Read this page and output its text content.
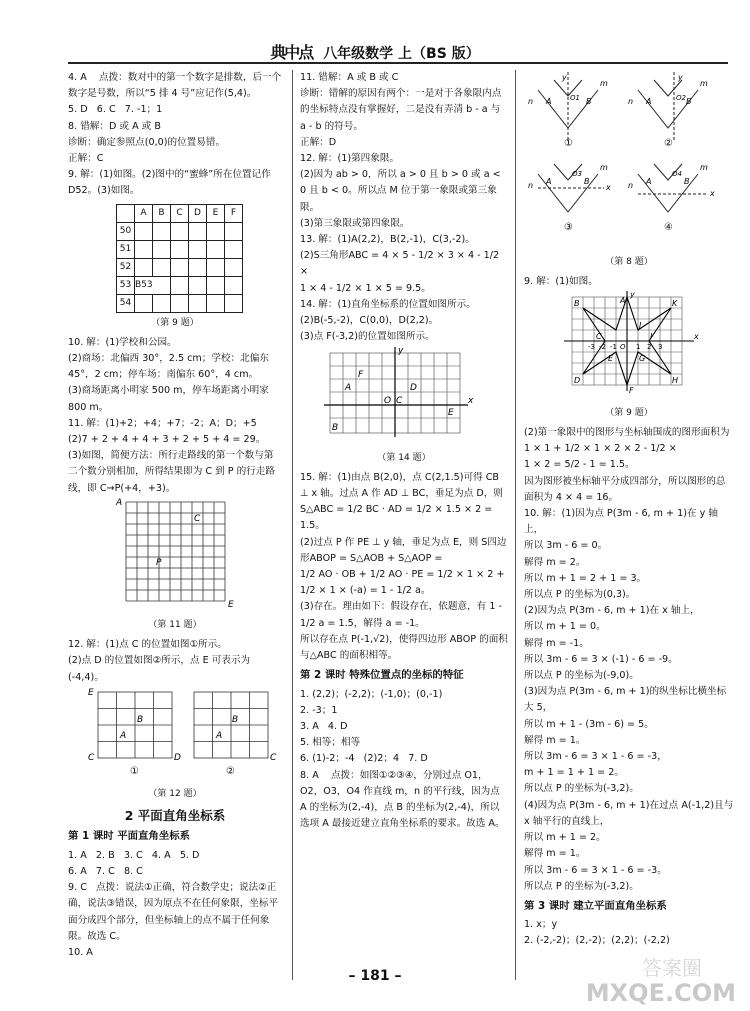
典中点 八年级数学 上（BS 版）

4. A    点拨：数对中的第一个数字是排数，后一个数字是号数，所以“5 排 4 号”应记作(5,4)。

5. D   6. C   7. -1；1

8. 错解：D 或 A 或 B

诊断：确定参照点(0,0)的位置易错。

正解：C

9. 解：(1)如图。(2)图中的“蜜蜂”所在位置记作 D52。(3)如图。

	A	B	C	D	E	F
50						
51						
52						
53	B53					
54						
（第 9 题）

10. 解：(1)学校和公园。

(2)商场：北偏西 30°，2.5 cm；学校：北偏东 45°，2 cm；停车场：南偏东 60°，4 cm。

(3)商场距离小明家 500 m，停车场距离小明家 800 m。

11. 解：(1)+2；+4；+7；-2；A；D；+5

(2)7 + 2 + 4 + 4 + 3 + 2 + 5 + 4 = 29。

(3)如图，简便方法：所行走路线的第一个数与第二个数分别相加，所得结果即为 C 到 P 的行走路线，即 C→P(+4，+3)。

A
C
P
E
（第 11 题）

12. 解：(1)点 C 的位置如图①所示。

(2)点 D 的位置如图②所示，点 E 可表示为(-4,4)。

E
B
A
C	D
B
A
C
①	②
（第 12 题）
2 平面直角坐标系
第 1 课时 平面直角坐标系

1. A   2. B   3. C   4. A   5. D

6. A   7. C   8. C

9. C   点拨：说法①正确，符合数学史；说法②正确，说法③错误，因为原点不在任何象限，坐标平面分成四个部分，但坐标轴上的点不属于任何象限。故选 C。

10. A

11. 错解：A 或 B 或 C

诊断：错解的原因有两个：一是对于各象限内点的坐标特点没有掌握好，二是没有弄清 b - a 与 a - b 的符号。

正解：D

12. 解：(1)第四象限。

(2)因为 ab > 0，所以 a > 0 且 b > 0 或 a < 0 且 b < 0。所以点 M 位于第一象限或第三象限。

(3)第三象限或第四象限。

13. 解：(1)A(2,2)，B(2,-1)，C(3,-2)。

(2)S三角形ABC = 4 × 5 - 1/2 × 3 × 4 - 1/2 ×

1 × 4 - 1/2 × 1 × 5 = 9.5。

14. 解：(1)直角坐标系的位置如图所示。

(2)B(-5,-2)，C(0,0)，D(2,2)。

(3)点 F(-3,2)的位置如图所示。

y
x
F
A
O C
D
E
B
（第 14 题）

15. 解：(1)由点 B(2,0)，点 C(2,1.5)可得 CB ⊥ x 轴。过点 A 作 AD ⊥ BC，垂足为点 D，则 S△ABC = 1/2 BC · AD = 1/2 × 1.5 × 2 = 1.5。

(2)过点 P 作 PE ⊥ y 轴，垂足为点 E，则 S四边形ABOP = S△AOB + S△AOP =

1/2 AO · OB + 1/2 AO · PE = 1/2 × 1 × 2 +

1/2 × 1 × (-a) = 1 - 1/2 a。

(3)存在。理由如下：假设存在，依题意，有 1 - 1/2 a = 1.5，解得 a = -1。

所以存在点 P(-1,√2)，使得四边形 ABOP 的面积与△ABC 的面积相等。

第 2 课时 特殊位置点的坐标的特征

1. (2,2)；(-2,2)；(-1,0)；(0,-1)

2. -3；1

3. A   4. D

5. 相等；相等

6. (1)-2；-4   (2)2；4   7. D

8. A    点拨：如图①②③④，分别过点 O1，O2，O3，O4 作直线 m，n 的平行线，因为点 A 的坐标为(2,-4)，点 B 的坐标为(2,-4)，所以选项 A 最接近建立直角坐标系的要求。故选 A。

y
m
n A	B
O1
①
y
m
n A	B
O2
②
m
n A	B
O3
x
③
m
n A	B
O4
x
④
（第 8 题）

9. 解：(1)如图。

y
x
A	K
J
I
H
G
F
E
D
C
B
O
-3 -2 -1	1 2 3
（第 9 题）

(2)第一象限中的图形与坐标轴围成的图形面积为 1 × 1 + 1/2 × 1 × 2 × 2 - 1/2 ×

1 × 2 = 5/2 - 1 = 1.5。

因为图形被坐标轴平分成四部分，所以图形的总面积为 4 × 4 = 16。

10. 解：(1)因为点 P(3m - 6, m + 1)在 y 轴上，

所以 3m - 6 = 0。

解得 m = 2。

所以 m + 1 = 2 + 1 = 3。

所以点 P 的坐标为(0,3)。

(2)因为点 P(3m - 6, m + 1)在 x 轴上，

所以 m + 1 = 0。

解得 m = -1。

所以 3m - 6 = 3 × (-1) - 6 = -9。

所以点 P 的坐标为(-9,0)。

(3)因为点 P(3m - 6, m + 1)的纵坐标比横坐标大 5，

所以 m + 1 - (3m - 6) = 5。

解得 m = 1。

所以 3m - 6 = 3 × 1 - 6 = -3，

m + 1 = 1 + 1 = 2。

所以点 P 的坐标为(-3,2)。

(4)因为点 P(3m - 6, m + 1)在过点 A(-1,2)且与 x 轴平行的直线上，

所以 m + 1 = 2。

解得 m = 1。

所以 3m - 6 = 3 × 1 - 6 = -3。

所以点 P 的坐标为(-3,2)。

第 3 课时 建立平面直角坐标系

1. x；y

2. (-2,-2)；(2,-2)；(2,2)；(-2,2)

– 181 –	答案圈
MXQE.COM
